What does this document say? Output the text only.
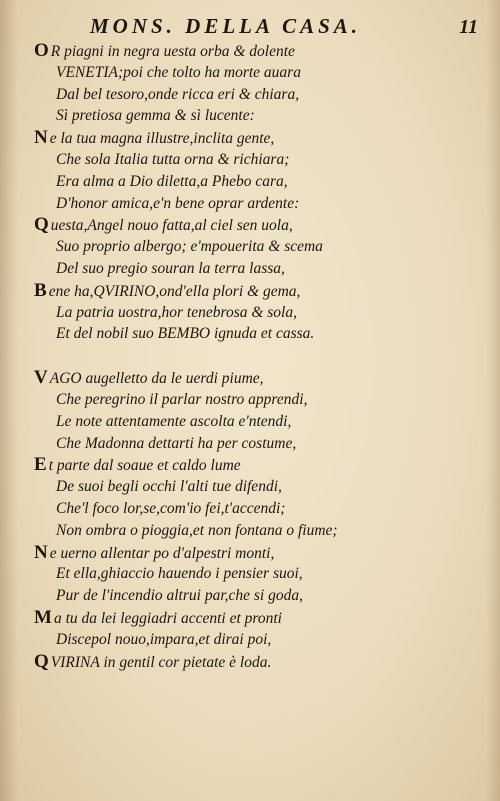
MONS. DELLA CASA.	11
O R piagni in negra uesta orba & dolente
VENETIA;poi che tolto ha morte auara
Dal bel tesoro,onde ricca eri & chiara,
Sì pretiosa gemma & sì lucente:
N e la tua magna illustre,inclita gente,
Che sola Italia tutta orna & richiara;
Era alma a Dio diletta,a Phebo cara,
D'honor amica,e'n bene oprar ardente:
Q uesta,Angel nouo fatta,al ciel sen uola,
Suo proprio albergo; e'mpouerita & scema
Del suo pregio souran la terra lassa,
B ene ha,QVIRINO,ond'ella plori & gema,
La patria uostra,hor tenebrosa & sola,
Et del nobil suo BEMBO ignuda et cassa.
V AGO augelletto da le uerdi piume,
Che peregrino il parlar nostro apprendi,
Le note attentamente ascolta e'ntendi,
Che Madonna dettarti ha per costume,
E t parte dal soaue et caldo lume
De suoi begli occhi l'alti tue difendi,
Che'l foco lor,se,com'io fei,t'accendi;
Non ombra o pioggia,et non fontana o fiume;
N e uerno allentar po d'alpestri monti,
Et ella,ghiaccio hauendo i pensier suoi,
Pur de l'incendio altrui par,che si goda,
M a tu da lei leggiadri accenti et pronti
Discepol nouo,impara,et dirai poi,
Q VIRINA in gentil cor pietate è loda.
